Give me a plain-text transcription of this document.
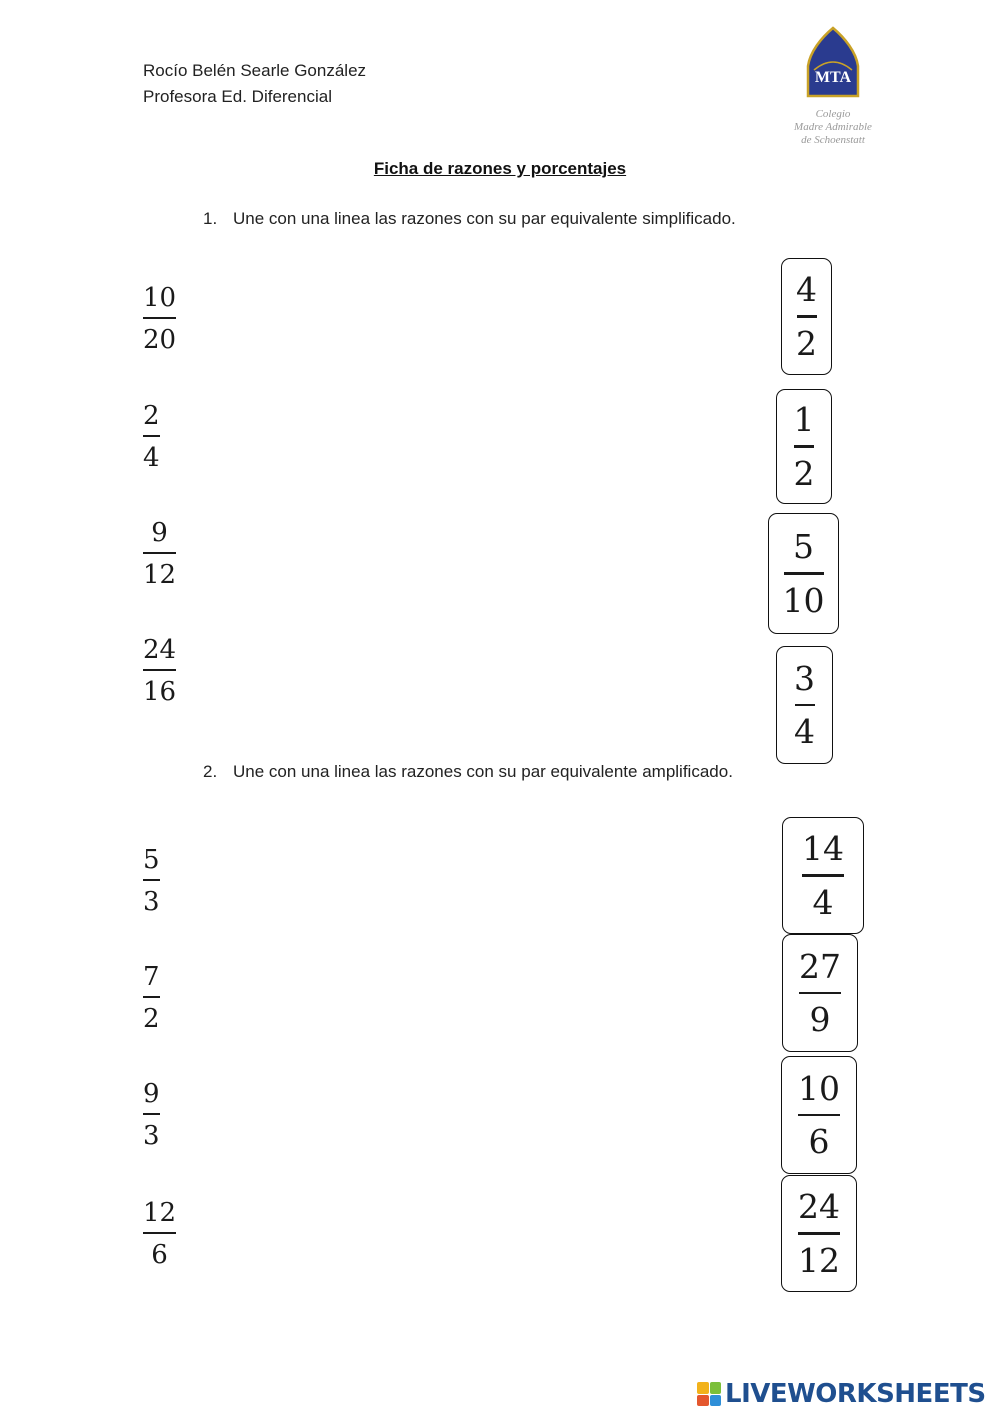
Rocío Belén Searle González
Profesora Ed. Diferencial
MTA
Colegio
Madre Admirable
de Schoenstatt
Ficha de razones y porcentajes
1. Une con una linea las razones con su par equivalente simplificado.
10
20
2
4
9
12
24
16
4
2
1
2
5
10
3
4
2. Une con una linea las razones con su par equivalente amplificado.
5
3
7
2
9
3
12
6
14
4
27
9
10
6
24
12
LIVEWORKSHEETS
